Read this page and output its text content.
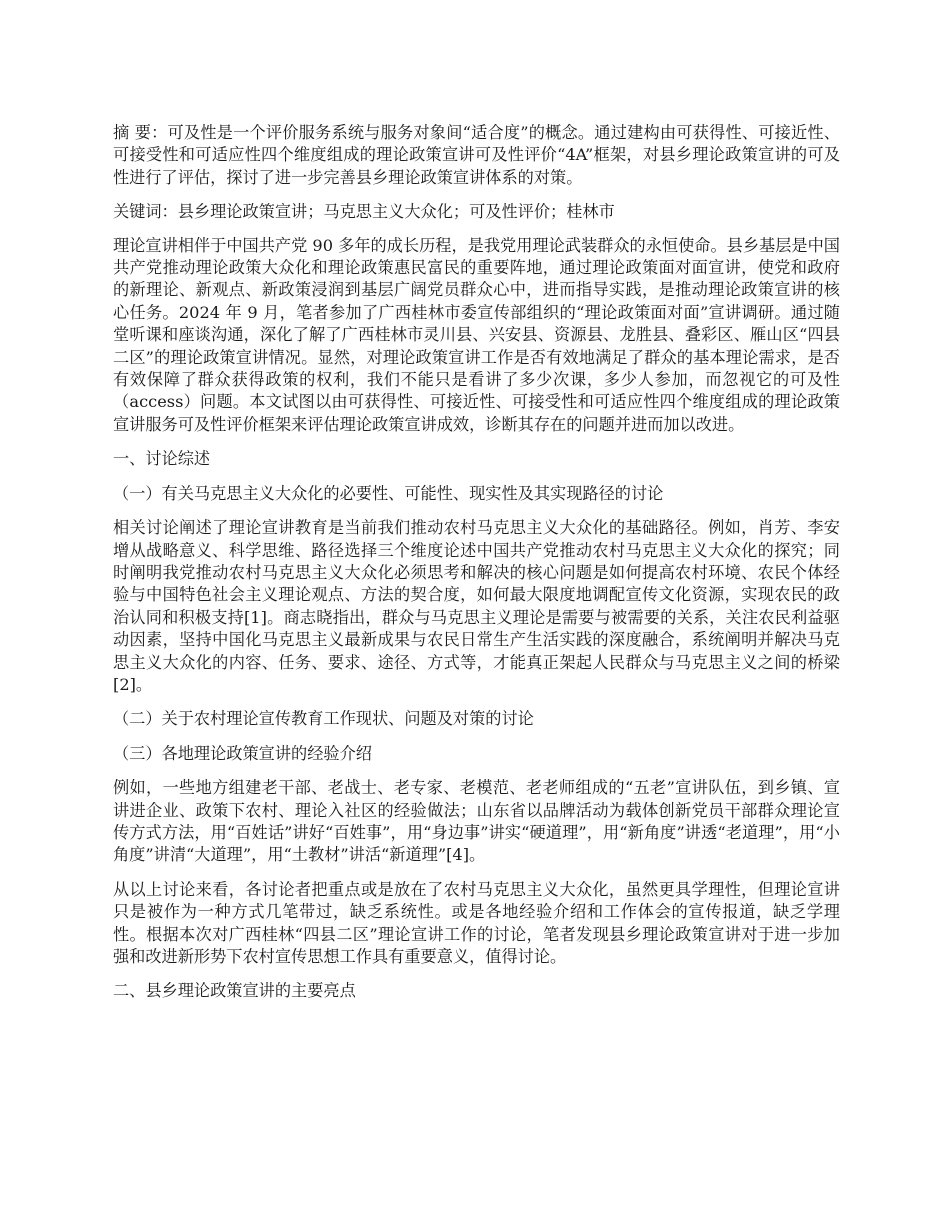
摘 要：可及性是一个评价服务系统与服务对象间“适合度”的概念。通过建构由可获得性、可接近性、可接受性和可适应性四个维度组成的理论政策宣讲可及性评价“4A”框架，对县乡理论政策宣讲的可及性进行了评估，探讨了进一步完善县乡理论政策宣讲体系的对策。

关键词：县乡理论政策宣讲；马克思主义大众化；可及性评价；桂林市

理论宣讲相伴于中国共产党 90 多年的成长历程，是我党用理论武装群众的永恒使命。县乡基层是中国共产党推动理论政策大众化和理论政策惠民富民的重要阵地，通过理论政策面对面宣讲，使党和政府的新理论、新观点、新政策浸润到基层广阔党员群众心中，进而指导实践，是推动理论政策宣讲的核心任务。2024 年 9 月，笔者参加了广西桂林市委宣传部组织的“理论政策面对面”宣讲调研。通过随堂听课和座谈沟通，深化了解了广西桂林市灵川县、兴安县、资源县、龙胜县、叠彩区、雁山区“四县二区”的理论政策宣讲情况。显然，对理论政策宣讲工作是否有效地满足了群众的基本理论需求，是否有效保障了群众获得政策的权利，我们不能只是看讲了多少次课，多少人参加，而忽视它的可及性（access）问题。本文试图以由可获得性、可接近性、可接受性和可适应性四个维度组成的理论政策宣讲服务可及性评价框架来评估理论政策宣讲成效，诊断其存在的问题并进而加以改进。

一、讨论综述

（一）有关马克思主义大众化的必要性、可能性、现实性及其实现路径的讨论

相关讨论阐述了理论宣讲教育是当前我们推动农村马克思主义大众化的基础路径。例如，肖芳、李安增从战略意义、科学思维、路径选择三个维度论述中国共产党推动农村马克思主义大众化的探究；同时阐明我党推动农村马克思主义大众化必须思考和解决的核心问题是如何提高农村环境、农民个体经验与中国特色社会主义理论观点、方法的契合度，如何最大限度地调配宣传文化资源，实现农民的政治认同和积极支持[1]。商志晓指出，群众与马克思主义理论是需要与被需要的关系，关注农民利益驱动因素，坚持中国化马克思主义最新成果与农民日常生产生活实践的深度融合，系统阐明并解决马克思主义大众化的内容、任务、要求、途径、方式等，才能真正架起人民群众与马克思主义之间的桥梁[2]。

（二）关于农村理论宣传教育工作现状、问题及对策的讨论

（三）各地理论政策宣讲的经验介绍

例如，一些地方组建老干部、老战士、老专家、老模范、老老师组成的“五老”宣讲队伍，到乡镇、宣讲进企业、政策下农村、理论入社区的经验做法；山东省以品牌活动为载体创新党员干部群众理论宣传方式方法，用“百姓话”讲好“百姓事”，用“身边事”讲实“硬道理”，用“新角度”讲透“老道理”，用“小角度”讲清“大道理”，用“土教材”讲活“新道理”[4]。

从以上讨论来看，各讨论者把重点或是放在了农村马克思主义大众化，虽然更具学理性，但理论宣讲只是被作为一种方式几笔带过，缺乏系统性。或是各地经验介绍和工作体会的宣传报道，缺乏学理性。根据本次对广西桂林“四县二区”理论宣讲工作的讨论，笔者发现县乡理论政策宣讲对于进一步加强和改进新形势下农村宣传思想工作具有重要意义，值得讨论。

二、县乡理论政策宣讲的主要亮点
